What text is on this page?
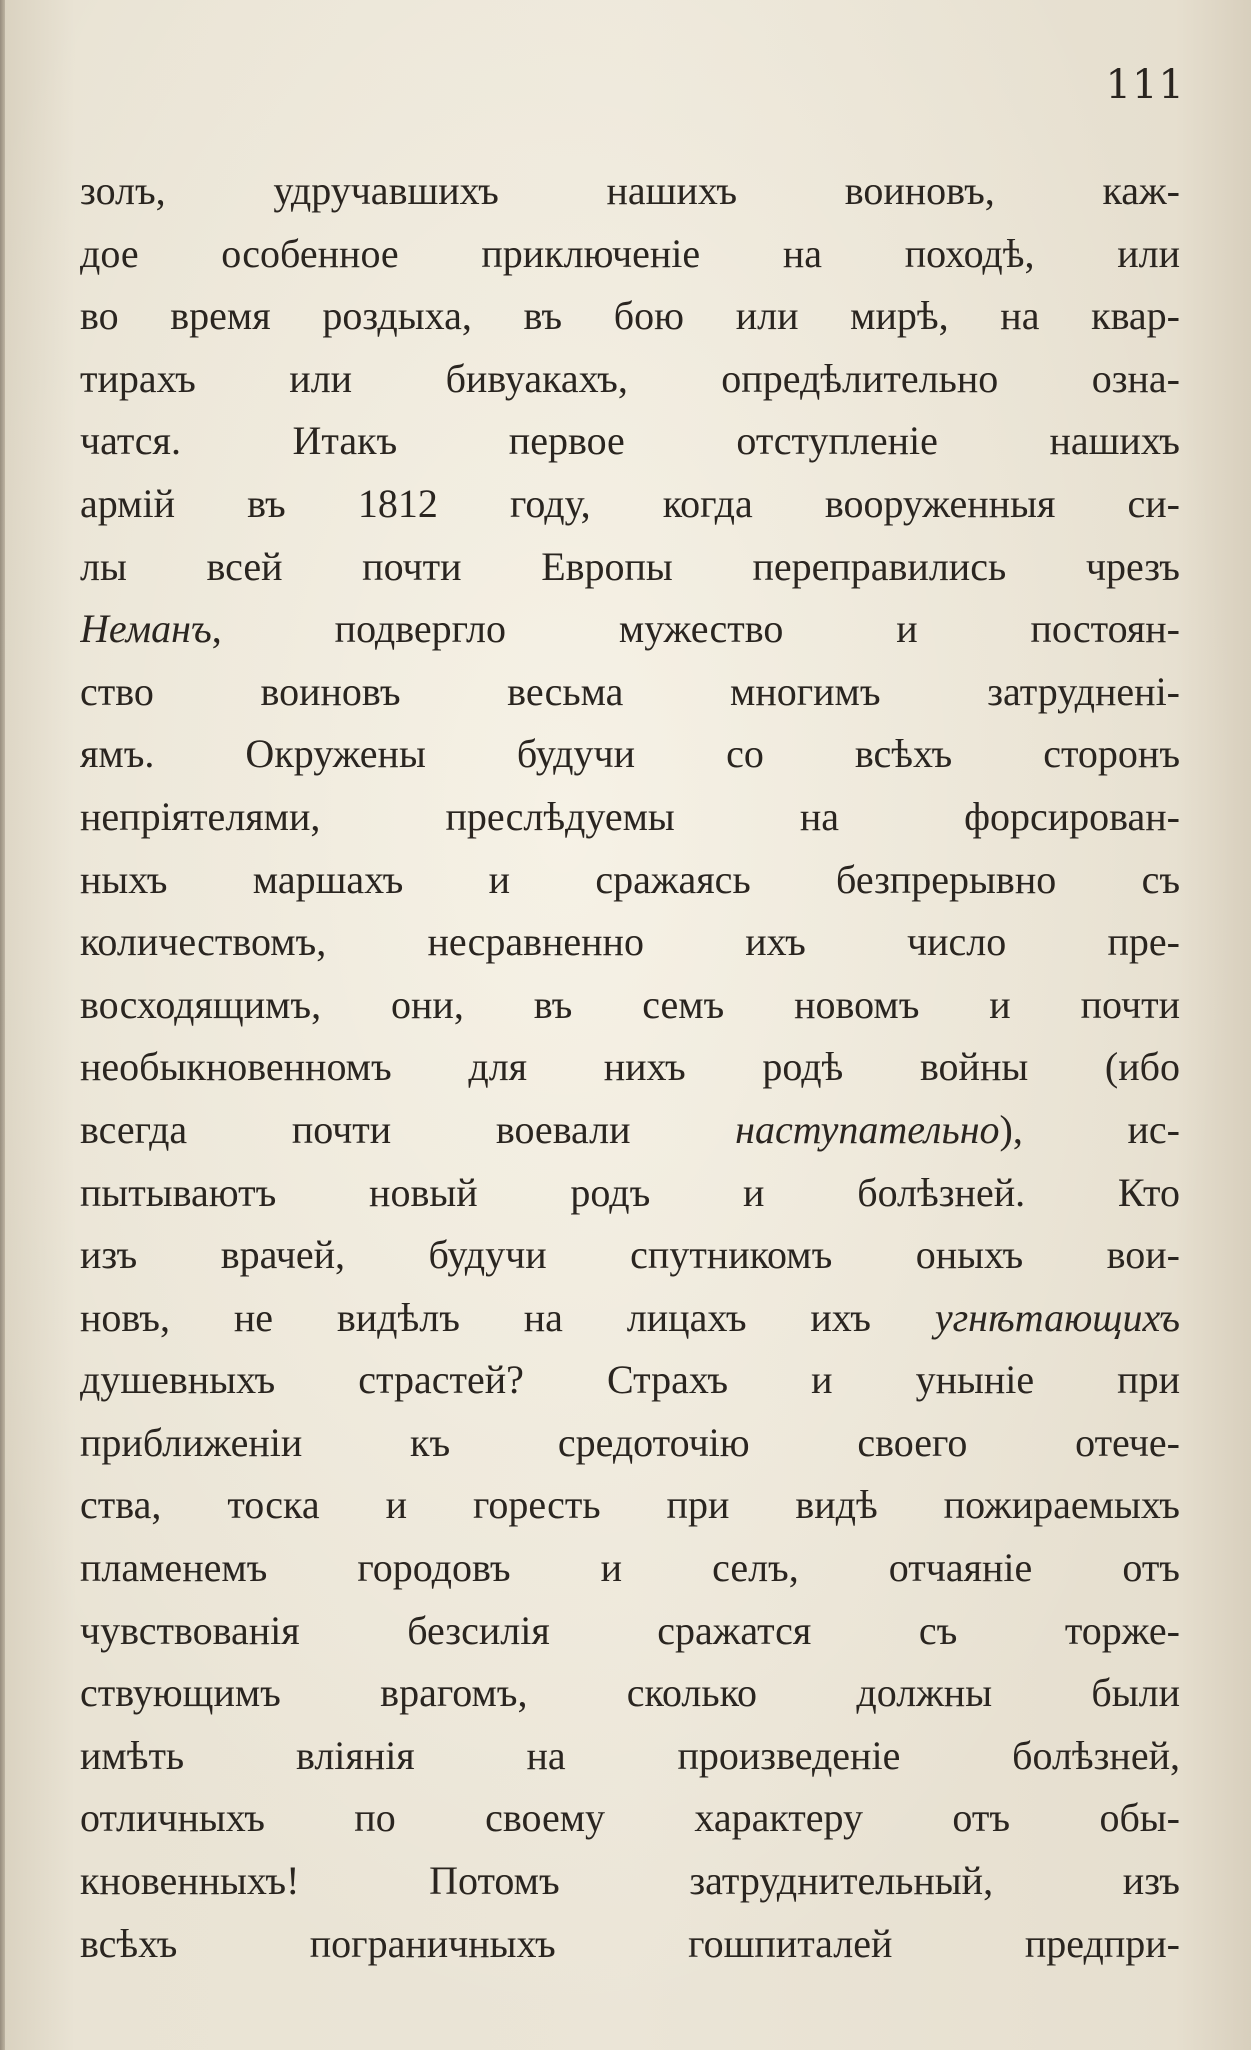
111
золъ, удручавшихъ нашихъ воиновъ, каж-
дое особенное приключеніе на походѣ, или
во время роздыха, въ бою или мирѣ, на квар-
тирахъ или бивуакахъ, опредѣлительно озна-
чатся. Итакъ первое отступленіе нашихъ
армій въ 1812 году, когда вооруженныя си-
лы всей почти Европы переправились чрезъ
Неманъ, подвергло мужество и постоян-
ство воиновъ весьма многимъ затруднені-
ямъ. Окружены будучи со всѣхъ сторонъ
непріятелями, преслѣдуемы на форсирован-
ныхъ маршахъ и сражаясь безпрерывно съ
количествомъ, несравненно ихъ число пре-
восходящимъ, они, въ семъ новомъ и почти
необыкновенномъ для нихъ родѣ войны (ибо
всегда почти воевали наступательно), ис-
пытываютъ новый родъ и болѣзней. Кто
изъ врачей, будучи спутникомъ оныхъ вои-
новъ, не видѣлъ на лицахъ ихъ угнѣтающихъ
душевныхъ страстей? Страхъ и уныніе при
приближеніи къ средоточію своего отече-
ства, тоска и горесть при видѣ пожираемыхъ
пламенемъ городовъ и селъ, отчаяніе отъ
чувствованія безсилія сражатся съ торже-
ствующимъ врагомъ, сколько должны были
имѣть вліянія на произведеніе болѣзней,
отличныхъ по своему характеру отъ обы-
кновенныхъ! Потомъ затруднительный, изъ
всѣхъ пограничныхъ гошпиталей предпри-
